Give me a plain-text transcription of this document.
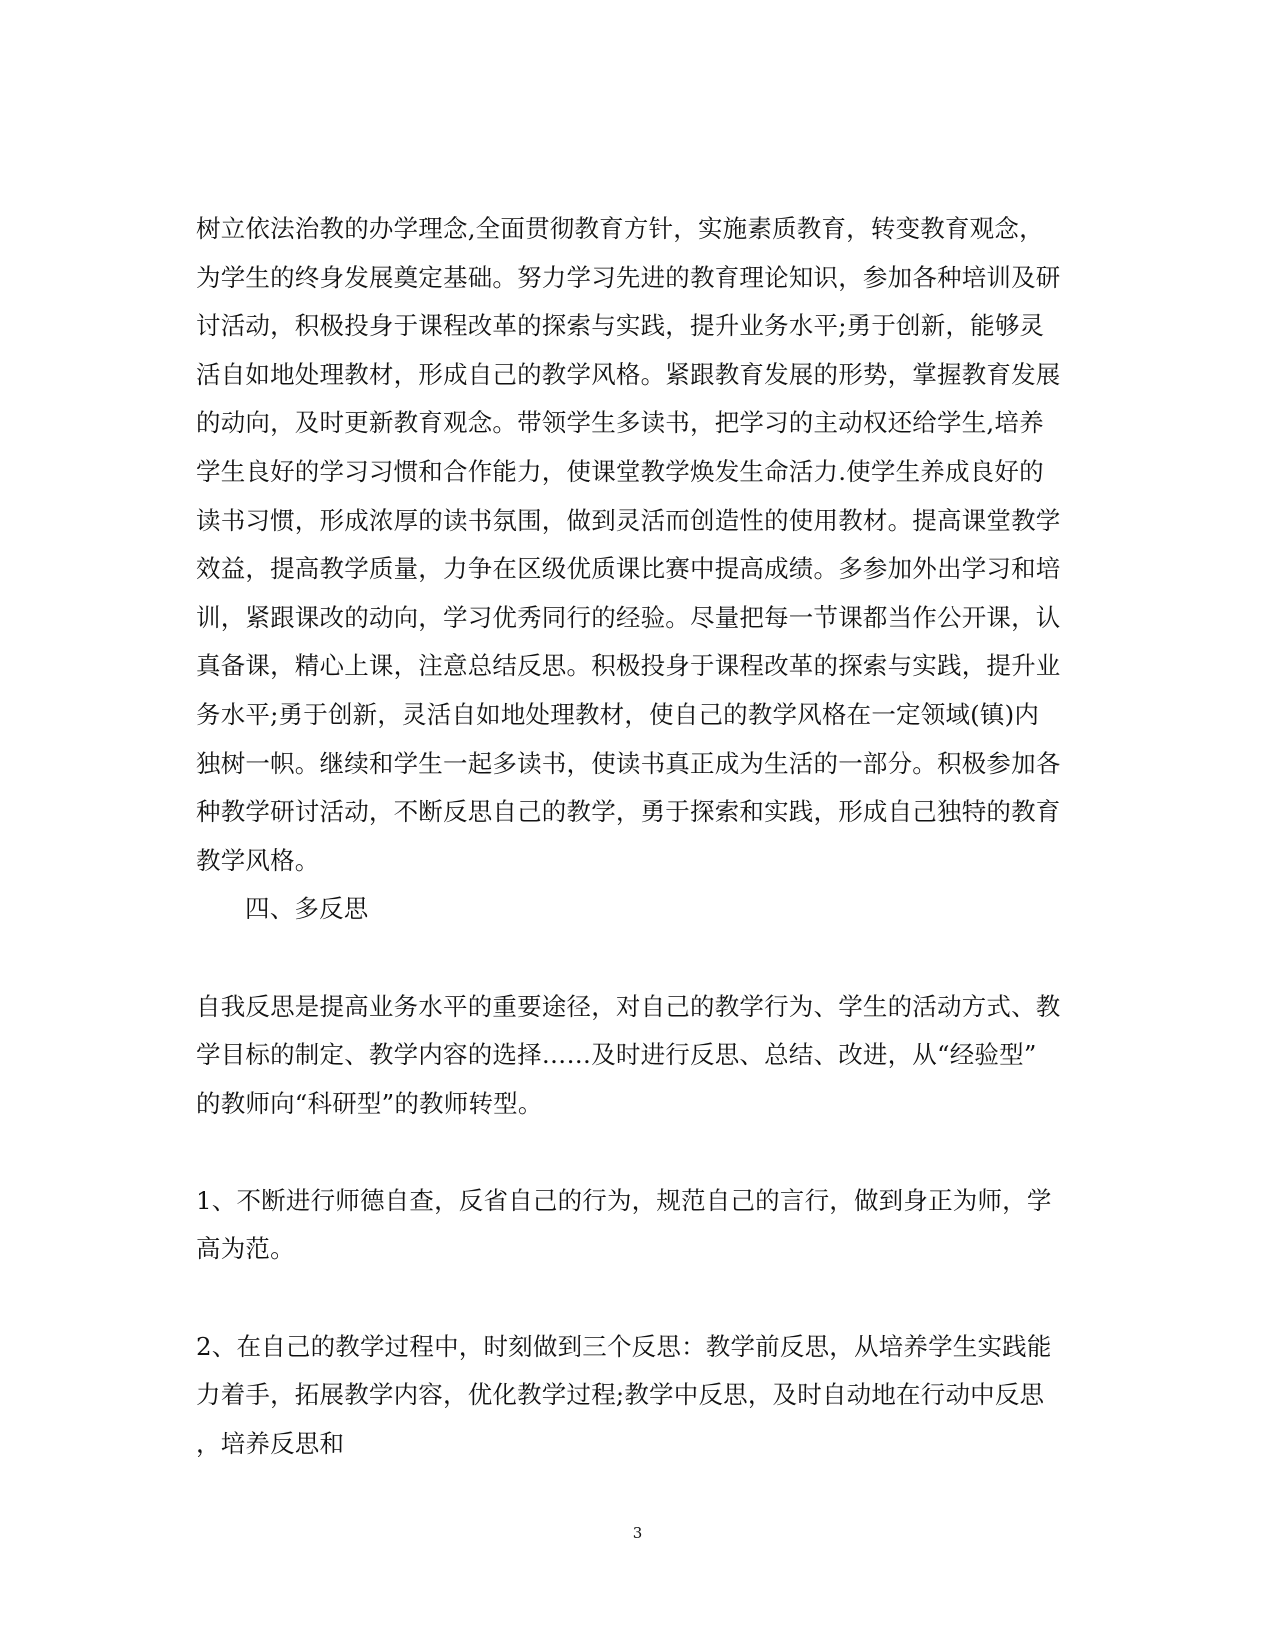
树立依法治教的办学理念,全面贯彻教育方针，实施素质教育，转变教育观念，
为学生的终身发展奠定基础。努力学习先进的教育理论知识，参加各种培训及研
讨活动，积极投身于课程改革的探索与实践，提升业务水平;勇于创新，能够灵
活自如地处理教材，形成自己的教学风格。紧跟教育发展的形势，掌握教育发展
的动向，及时更新教育观念。带领学生多读书，把学习的主动权还给学生,培养
学生良好的学习习惯和合作能力，使课堂教学焕发生命活力.使学生养成良好的
读书习惯，形成浓厚的读书氛围，做到灵活而创造性的使用教材。提高课堂教学
效益，提高教学质量，力争在区级优质课比赛中提高成绩。多参加外出学习和培
训，紧跟课改的动向，学习优秀同行的经验。尽量把每一节课都当作公开课，认
真备课，精心上课，注意总结反思。积极投身于课程改革的探索与实践，提升业
务水平;勇于创新，灵活自如地处理教材，使自己的教学风格在一定领域(镇)内
独树一帜。继续和学生一起多读书，使读书真正成为生活的一部分。积极参加各
种教学研讨活动，不断反思自己的教学，勇于探索和实践，形成自己独特的教育
教学风格。
四、多反思
自我反思是提高业务水平的重要途径，对自己的教学行为、学生的活动方式、教
学目标的制定、教学内容的选择……及时进行反思、总结、改进，从“经验型”
的教师向“科研型”的教师转型。
1、不断进行师德自查，反省自己的行为，规范自己的言行，做到身正为师，学
高为范。
2、在自己的教学过程中，时刻做到三个反思：教学前反思，从培养学生实践能
力着手，拓展教学内容，优化教学过程;教学中反思，及时自动地在行动中反思
，培养反思和
3
